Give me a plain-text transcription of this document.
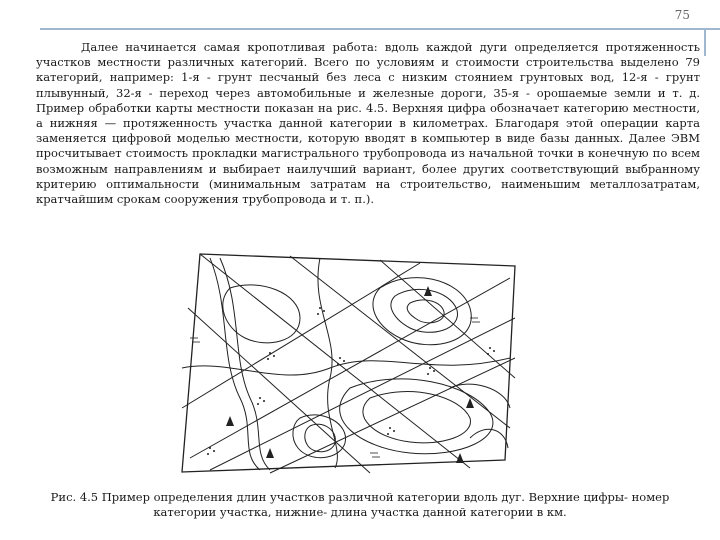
75

Далее начинается самая кропотливая работа: вдоль каждой дуги определяется протяженность участков местности различных категорий. Всего по условиям и стоимости строительства выделено 79 категорий, например: 1-я - грунт песчаный без леса с низким стоянием грунтовых вод, 12-я - грунт плывунный, 32-я - переход через автомобильные и железные дороги, 35-я - орошаемые земли и т. д. Пример обработки карты местности показан на рис. 4.5. Верхняя цифра обозначает категорию местности, а нижняя — протяженность участка данной категории в километрах. Благодаря этой операции карта заменяется цифровой моделью местности, которую вводят в компьютер в виде базы данных. Далее ЭВМ просчитывает стоимость прокладки магистрального трубопровода из начальной точки в конечную по всем возможным направлениям и выбирает наилучший вариант, более других соответствующий выбранному критерию оптимальности (минимальным затратам на строительство, наименьшим металлозатратам, кратчайшим срокам сооружения трубопровода и т. п.).

Рис. 4.5 Пример определения длин участков различной категории вдоль дуг. Верхние цифры- номер категории участка, нижние- длина участка данной категории в км.
